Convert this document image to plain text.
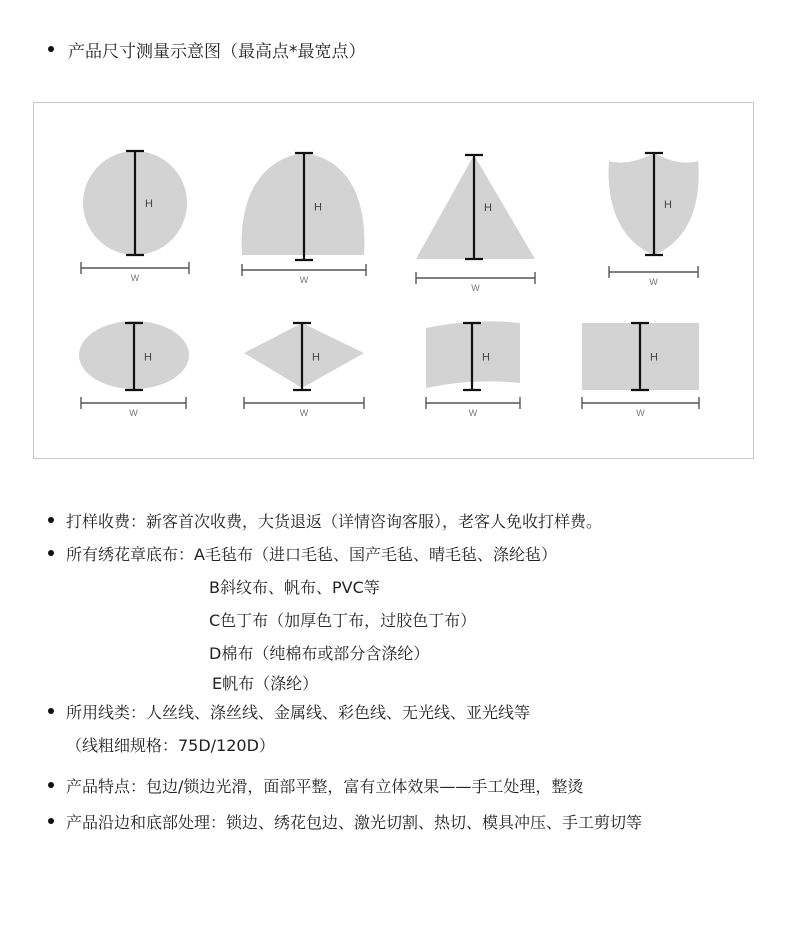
产品尺寸测量示意图（最高点*最宽点）
H
W
H
W
H
W
H
W
H
W
H
W
H
W
H
W
打样收费：新客首次收费，大货退返（详情咨询客服），老客人免收打样费。
所有绣花章底布： A毛毡布（进口毛毡、国产毛毡、晴毛毡、涤纶毡）
B斜纹布、帆布、PVC等
C色丁布（加厚色丁布，过胶色丁布）
D棉布（纯棉布或部分含涤纶）
E帆布（涤纶）
所用线类：人丝线、涤丝线、金属线、彩色线、无光线、亚光线等
（线粗细规格：75D/120D）
产品特点：包边/锁边光滑，面部平整，富有立体效果——手工处理，整烫
产品沿边和底部处理：锁边、绣花包边、激光切割、热切、模具冲压、手工剪切等
